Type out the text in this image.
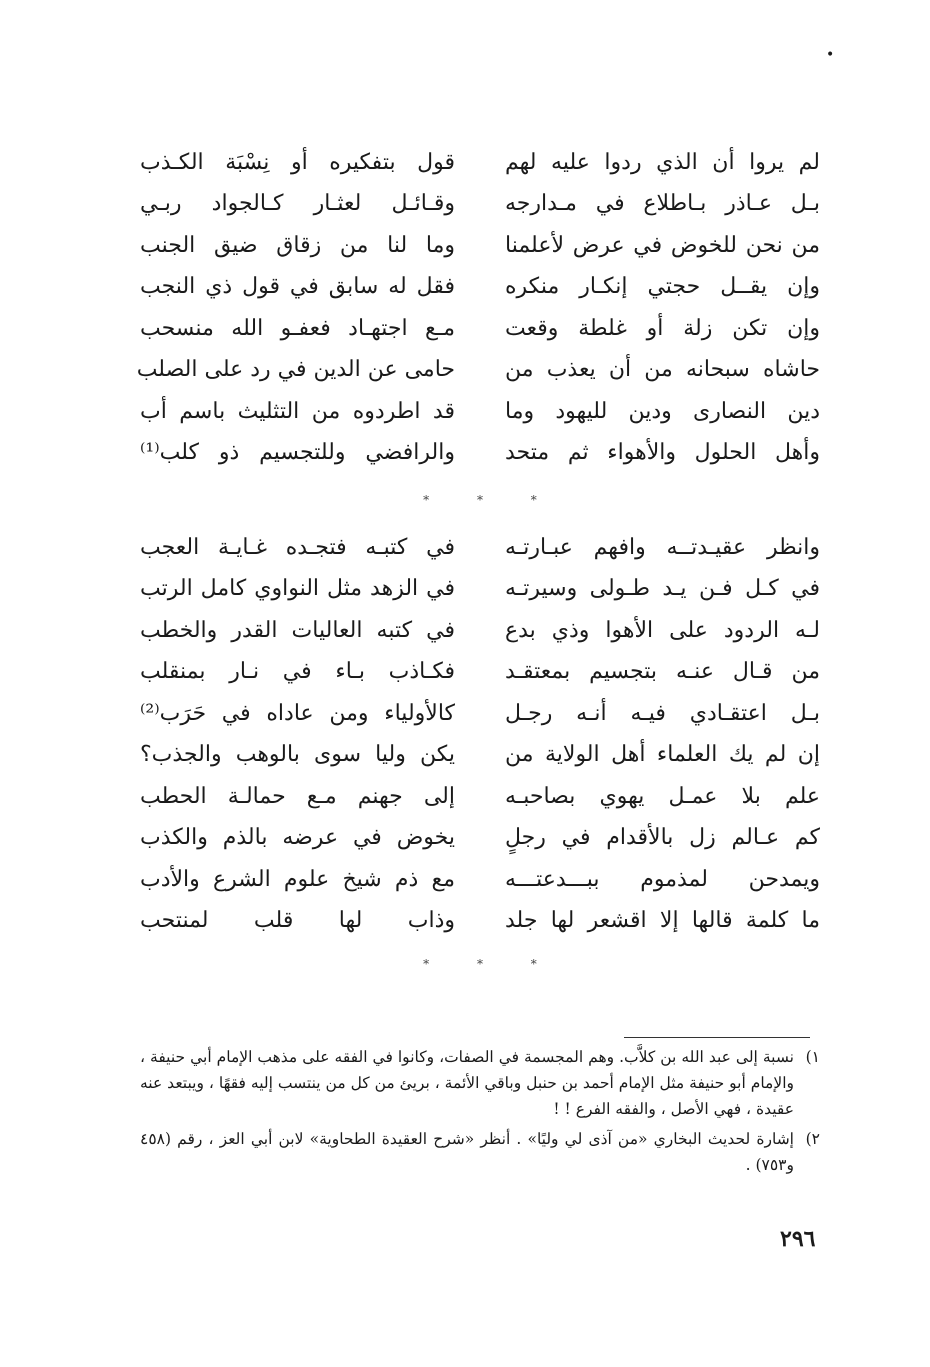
•
لم يروا أن الذي ردوا عليه لهم
قول بتفكيره أو نِسْبَة الكـذب
بـل عـاذر بـاطلاع في مـدارجه
وقـائـل لعثـار كـالجواد ربـي
من نحن للخوض في عرض لأعلمنا
وما لنا من زقاق ضيق الجنب
وإن يقــل حجتي إنكـار منكره
فقل له سابق في قول ذي النجب
وإن تكن زلة أو غلطة وقعت
مـع اجتهـاد فعفـو الله منسحب
حاشاه سبحانه من أن يعذب من
حامى عن الدين في رد على الصلب
دين النصارى ودين لليهود وما
قد اطردوه من التثليث باسم أب
وأهل الحلول والأهواء ثم متحد
والرافضي وللتجسيم ذو كلب⁽¹⁾
* * *
وانظر عقيـدتــه وافهم عبـارتـه
في كتبـه فتجـده غـايـة العجب
في كـل فـن يـد طـولى وسيرتـه
في الزهد مثل النواوي كامل الرتب
لـه الردود على الأهوا وذي بدع
في كتبه العاليات القدر والخطب
من قـال عنـه بتجسيم بمعتقـد
فكـاذب بـاء في نـار بمنقلب
بـل اعتقـادي فيـه أنـه رجـل
كالأولياء ومن عاداه في حَرَب⁽²⁾
إن لم يك العلماء أهل الولاية من
يكن وليا سوى بالوهب والجذب؟
علم بلا عمـل يهوي بصاحبـه
إلى جهنم مـع حمالـة الحطب
كم عـالم زل بالأقدام في رجلٍ
يخوض في عرضه بالذم والكذب
ويمدحن لمذموم ببـــدعتـــه
مع ذم شيخ علوم الشرع والأدب
ما كلمة قالها إلا اقشعر لها جلد
وذاب لها قلب لمنتحب
* * *
١)
نسبة إلى عبد الله بن كلاَّب. وهم المجسمة في الصفات، وكانوا في الفقه على مذهب الإمام أبي حنيفة ، والإمام أبو حنيفة مثل الإمام أحمد بن حنبل وباقي الأئمة ، بريئ من كل من ينتسب إليه فقهًا ، ويبتعد عنه عقيدة ، فهي الأصل ، والفقه الفرع ! !
٢)
إشارة لحديث البخاري «من آذى لي وليًا» . أنظر «شرح العقيدة الطحاوية» لابن أبي العز ، رقم (٤٥٨ و٧٥٣) .
٢٩٦
